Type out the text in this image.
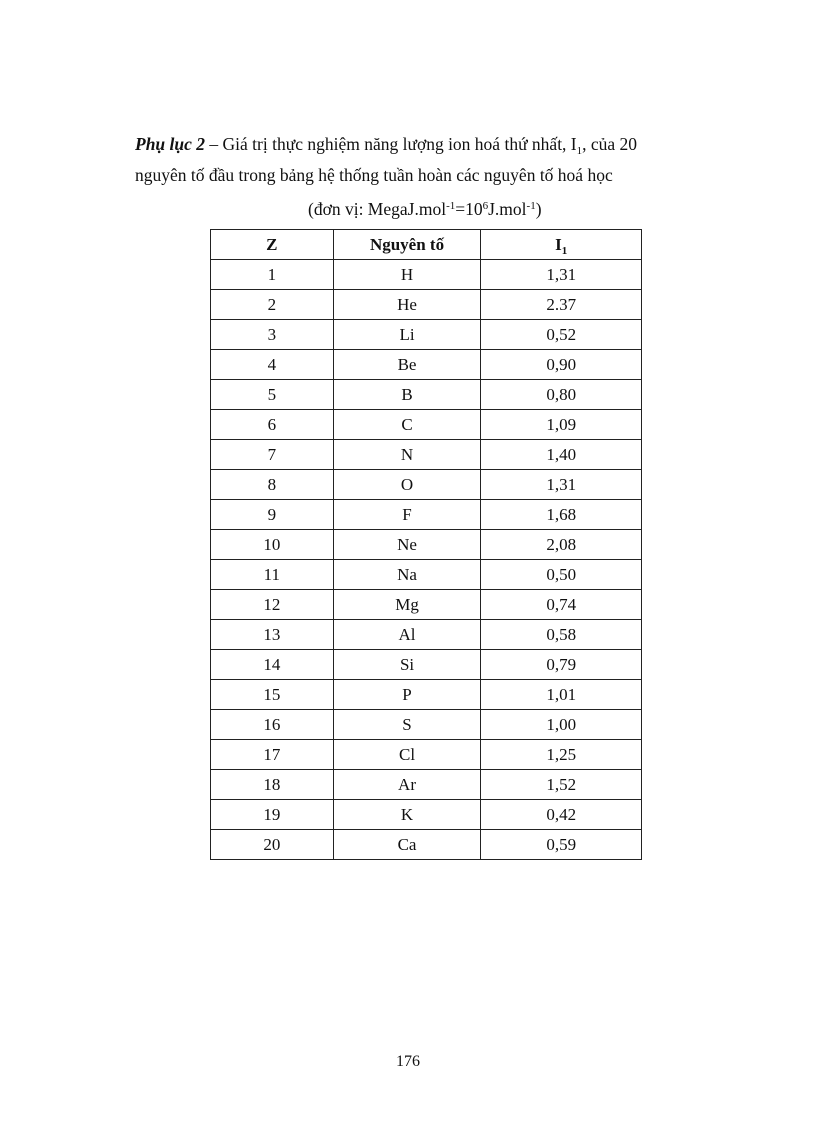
Phụ lục 2 – Giá trị thực nghiệm năng lượng ion hoá thứ nhất, $I_1$, của 20
nguyên tố đầu trong bảng hệ thống tuần hoàn các nguyên tố hoá học
(đơn vị: $MegaJ.mol^{-1}=10^6J.mol^{-1}$)
Z	Nguyên tố	$I_1$
1	H	1,31
2	He	2.37
3	Li	0,52
4	Be	0,90
5	B	0,80
6	C	1,09
7	N	1,40
8	O	1,31
9	F	1,68
10	Ne	2,08
11	Na	0,50
12	Mg	0,74
13	Al	0,58
14	Si	0,79
15	P	1,01
16	S	1,00
17	Cl	1,25
18	Ar	1,52
19	K	0,42
20	Ca	0,59
176
